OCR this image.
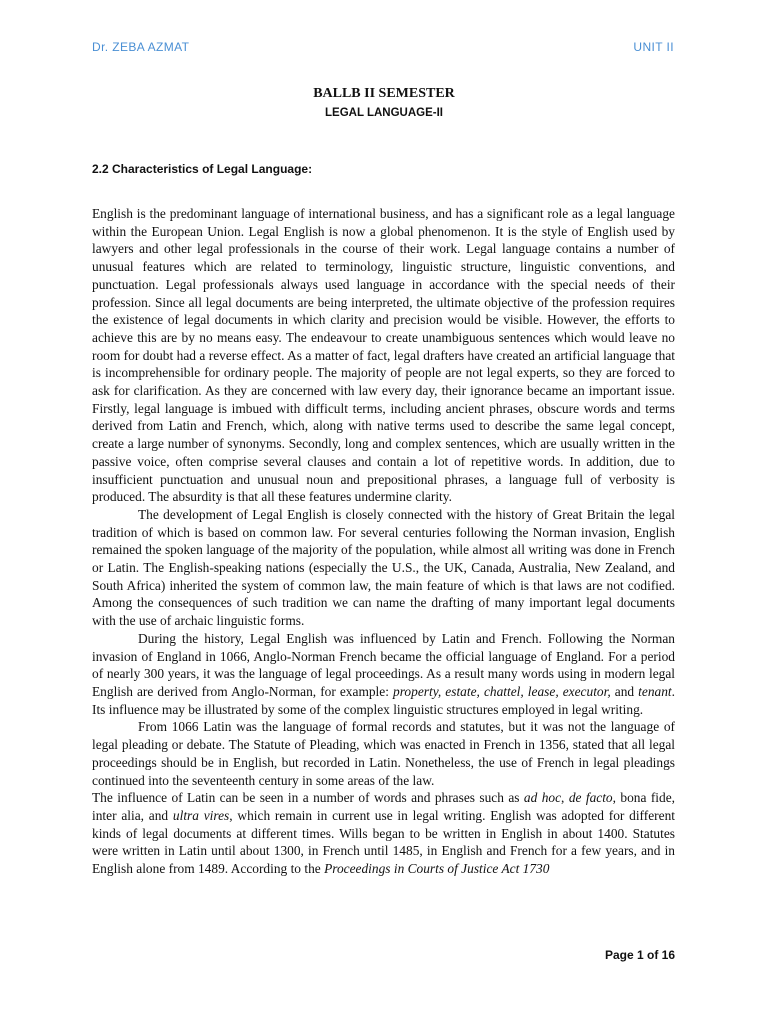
Dr. ZEBA AZMAT	UNIT II
BALLB II SEMESTER
LEGAL LANGUAGE-II
2.2 Characteristics of Legal Language:

English is the predominant language of international business, and has a significant role as a legal language within the European Union. Legal English is now a global phenomenon. It is the style of English used by lawyers and other legal professionals in the course of their work. Legal language contains a number of unusual features which are related to terminology, linguistic structure, linguistic conventions, and punctuation. Legal professionals always used language in accordance with the special needs of their profession. Since all legal documents are being interpreted, the ultimate objective of the profession requires the existence of legal documents in which clarity and precision would be visible. However, the efforts to achieve this are by no means easy. The endeavour to create unambiguous sentences which would leave no room for doubt had a reverse effect. As a matter of fact, legal drafters have created an artificial language that is incomprehensible for ordinary people. The majority of people are not legal experts, so they are forced to ask for clarification. As they are concerned with law every day, their ignorance became an important issue. Firstly, legal language is imbued with difficult terms, including ancient phrases, obscure words and terms derived from Latin and French, which, along with native terms used to describe the same legal concept, create a large number of synonyms. Secondly, long and complex sentences, which are usually written in the passive voice, often comprise several clauses and contain a lot of repetitive words. In addition, due to insufficient punctuation and unusual noun and prepositional phrases, a language full of verbosity is produced. The absurdity is that all these features undermine clarity.

The development of Legal English is closely connected with the history of Great Britain the legal tradition of which is based on common law. For several centuries following the Norman invasion, English remained the spoken language of the majority of the population, while almost all writing was done in French or Latin. The English-speaking nations (especially the U.S., the UK, Canada, Australia, New Zealand, and South Africa) inherited the system of common law, the main feature of which is that laws are not codified. Among the consequences of such tradition we can name the drafting of many important legal documents with the use of archaic linguistic forms.

During the history, Legal English was influenced by Latin and French. Following the Norman invasion of England in 1066, Anglo-Norman French became the official language of England. For a period of nearly 300 years, it was the language of legal proceedings. As a result many words using in modern legal English are derived from Anglo-Norman, for example: property, estate, chattel, lease, executor, and tenant. Its influence may be illustrated by some of the complex linguistic structures employed in legal writing.

From 1066 Latin was the language of formal records and statutes, but it was not the language of legal pleading or debate. The Statute of Pleading, which was enacted in French in 1356, stated that all legal proceedings should be in English, but recorded in Latin. Nonetheless, the use of French in legal pleadings continued into the seventeenth century in some areas of the law.

The influence of Latin can be seen in a number of words and phrases such as ad hoc, de facto, bona fide, inter alia, and ultra vires, which remain in current use in legal writing. English was adopted for different kinds of legal documents at different times. Wills began to be written in English in about 1400. Statutes were written in Latin until about 1300, in French until 1485, in English and French for a few years, and in English alone from 1489. According to the Proceedings in Courts of Justice Act 1730

Page 1 of 16
